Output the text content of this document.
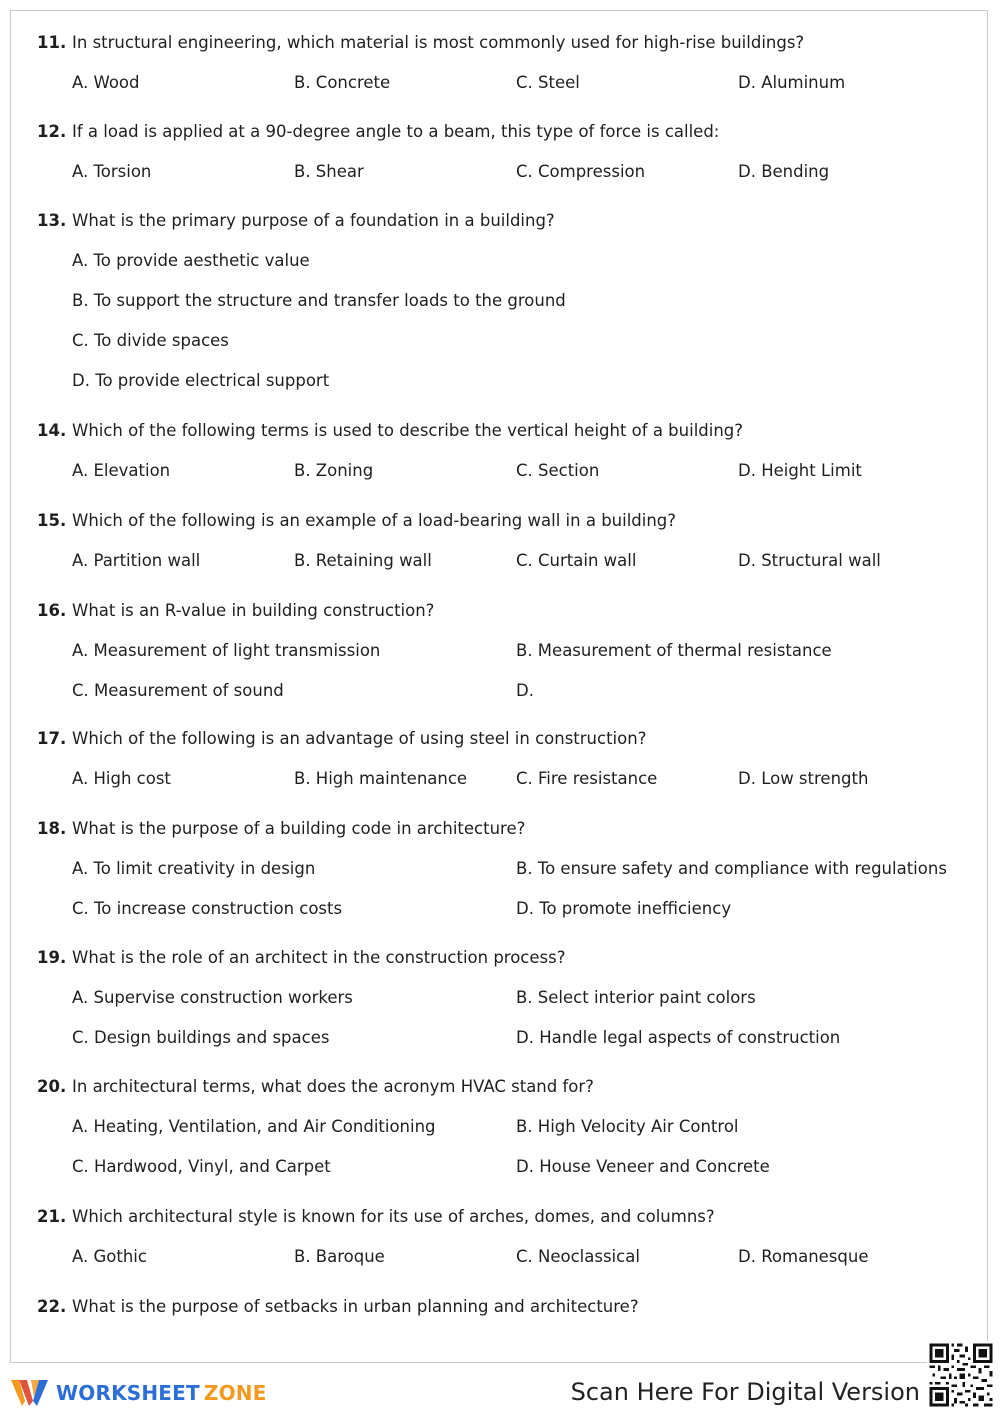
11. In structural engineering, which material is most commonly used for high-rise buildings?
A. Wood	B. Concrete	C. Steel	D. Aluminum
12. If a load is applied at a 90-degree angle to a beam, this type of force is called:
A. Torsion	B. Shear	C. Compression	D. Bending
13. What is the primary purpose of a foundation in a building?
A. To provide aesthetic value
B. To support the structure and transfer loads to the ground
C. To divide spaces
D. To provide electrical support
14. Which of the following terms is used to describe the vertical height of a building?
A. Elevation	B. Zoning	C. Section	D. Height Limit
15. Which of the following is an example of a load-bearing wall in a building?
A. Partition wall	B. Retaining wall	C. Curtain wall	D. Structural wall
16. What is an R-value in building construction?
A. Measurement of light transmission	B. Measurement of thermal resistance
C. Measurement of sound	D.
17. Which of the following is an advantage of using steel in construction?
A. High cost	B. High maintenance	C. Fire resistance	D. Low strength
18. What is the purpose of a building code in architecture?
A. To limit creativity in design	B. To ensure safety and compliance with regulations
C. To increase construction costs	D. To promote inefficiency
19. What is the role of an architect in the construction process?
A. Supervise construction workers	B. Select interior paint colors
C. Design buildings and spaces	D. Handle legal aspects of construction
20. In architectural terms, what does the acronym HVAC stand for?
A. Heating, Ventilation, and Air Conditioning	B. High Velocity Air Control
C. Hardwood, Vinyl, and Carpet	D. House Veneer and Concrete
21. Which architectural style is known for its use of arches, domes, and columns?
A. Gothic	B. Baroque	C. Neoclassical	D. Romanesque
22. What is the purpose of setbacks in urban planning and architecture?
WORKSHEET ZONE	Scan Here For Digital Version
